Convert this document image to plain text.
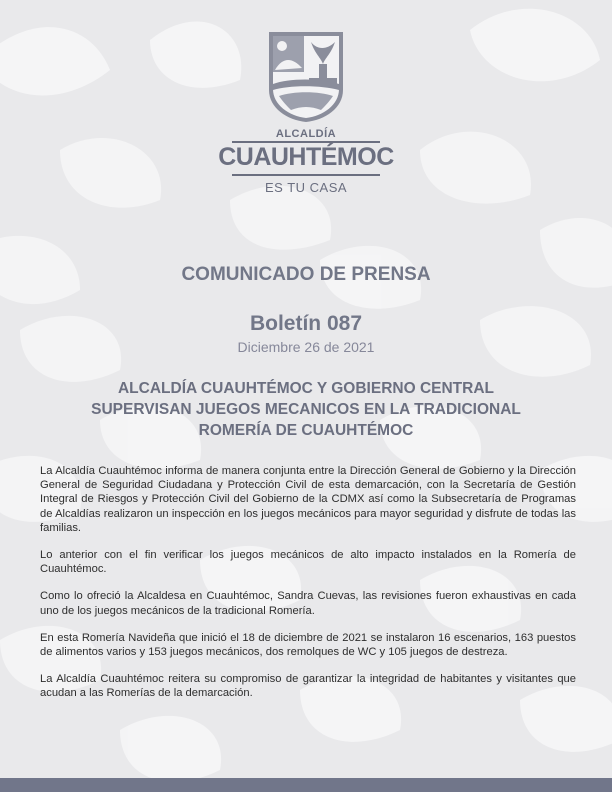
ALCALDÍA
CUAUHTÉMOC
ES TU CASA
COMUNICADO DE PRENSA
Boletín 087
Diciembre 26 de 2021
ALCALDÍA CUAUHTÉMOC Y GOBIERNO CENTRAL
SUPERVISAN JUEGOS MECANICOS EN LA TRADICIONAL
ROMERÍA DE CUAUHTÉMOC

La Alcaldía Cuauhtémoc informa de manera conjunta entre la Dirección General de Gobierno y la Dirección General de Seguridad Ciudadana y Protección Civil de esta demarcación, con la Secretaría de Gestión Integral de Riesgos y Protección Civil del Gobierno de la CDMX así como la Subsecretaría de Programas de Alcaldías realizaron un inspección en los juegos mecánicos para mayor seguridad y disfrute de todas las familias.

Lo anterior con el fin verificar los juegos mecánicos de alto impacto instalados en la Romería de Cuauhtémoc.

Como lo ofreció la Alcaldesa en Cuauhtémoc, Sandra Cuevas, las revisiones fueron exhaustivas en cada uno de los juegos mecánicos de la tradicional Romería.

En esta Romería Navideña que inició el 18 de diciembre de 2021 se instalaron 16 escenarios, 163 puestos de alimentos varios y 153 juegos mecánicos, dos remolques de WC y 105 juegos de destreza.

La Alcaldía Cuauhtémoc reitera su compromiso de garantizar la integridad de habitantes y visitantes que acudan a las Romerías de la demarcación.
